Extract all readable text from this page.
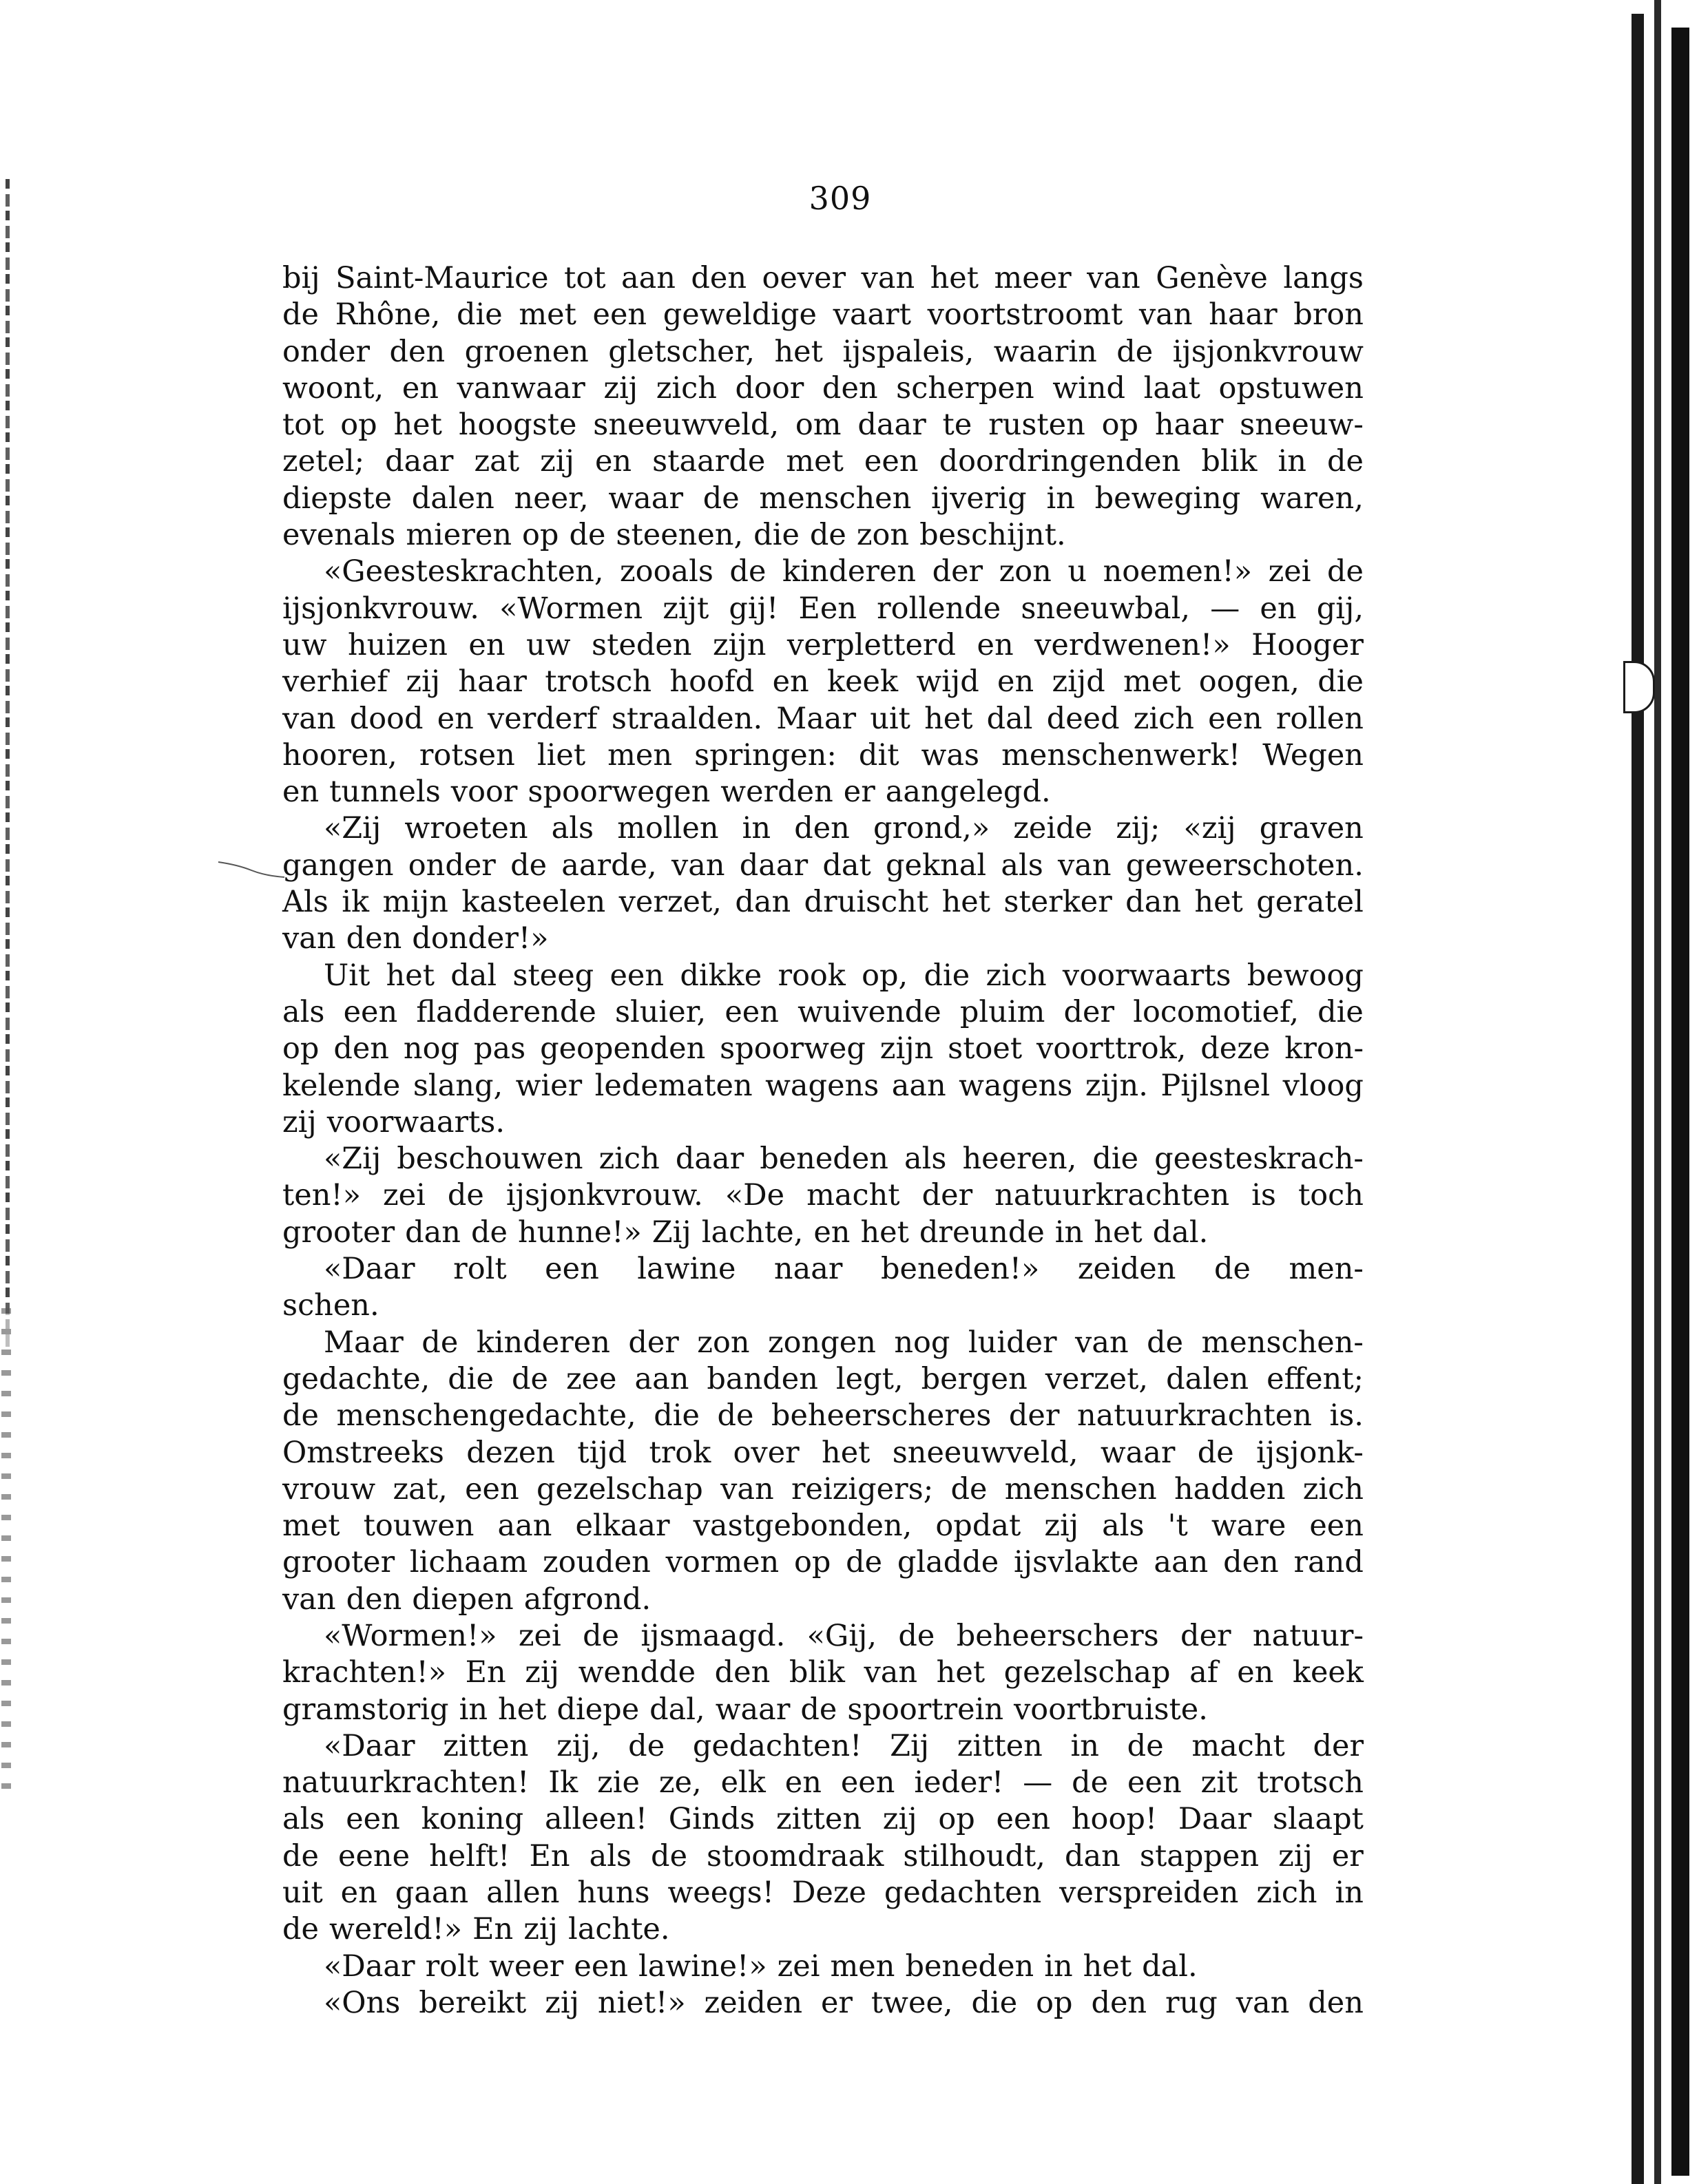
309
bij Saint-Maurice tot aan den oever van het meer van Genève langs
de Rhône, die met een geweldige vaart voortstroomt van haar bron
onder den groenen gletscher, het ijspaleis, waarin de ijsjonkvrouw
woont, en vanwaar zij zich door den scherpen wind laat opstuwen
tot op het hoogste sneeuwveld, om daar te rusten op haar sneeuw-
zetel; daar zat zij en staarde met een doordringenden blik in de
diepste dalen neer, waar de menschen ijverig in beweging waren,
evenals mieren op de steenen, die de zon beschijnt.
«Geesteskrachten, zooals de kinderen der zon u noemen!» zei de
ijsjonkvrouw. «Wormen zijt gij! Een rollende sneeuwbal, — en gij,
uw huizen en uw steden zijn verpletterd en verdwenen!» Hooger
verhief zij haar trotsch hoofd en keek wijd en zijd met oogen, die
van dood en verderf straalden. Maar uit het dal deed zich een rollen
hooren, rotsen liet men springen: dit was menschenwerk! Wegen
en tunnels voor spoorwegen werden er aangelegd.
«Zij wroeten als mollen in den grond,» zeide zij; «zij graven
gangen onder de aarde, van daar dat geknal als van geweerschoten.
Als ik mijn kasteelen verzet, dan druischt het sterker dan het geratel
van den donder!»
Uit het dal steeg een dikke rook op, die zich voorwaarts bewoog
als een fladderende sluier, een wuivende pluim der locomotief, die
op den nog pas geopenden spoorweg zijn stoet voorttrok, deze kron-
kelende slang, wier ledematen wagens aan wagens zijn. Pijlsnel vloog
zij voorwaarts.
«Zij beschouwen zich daar beneden als heeren, die geesteskrach-
ten!» zei de ijsjonkvrouw. «De macht der natuurkrachten is toch
grooter dan de hunne!» Zij lachte, en het dreunde in het dal.
«Daar rolt een lawine naar beneden!» zeiden de men-
schen.
Maar de kinderen der zon zongen nog luider van de menschen-
gedachte, die de zee aan banden legt, bergen verzet, dalen effent;
de menschengedachte, die de beheerscheres der natuurkrachten is.
Omstreeks dezen tijd trok over het sneeuwveld, waar de ijsjonk-
vrouw zat, een gezelschap van reizigers; de menschen hadden zich
met touwen aan elkaar vastgebonden, opdat zij als 't ware een
grooter lichaam zouden vormen op de gladde ijsvlakte aan den rand
van den diepen afgrond.
«Wormen!» zei de ijsmaagd. «Gij, de beheerschers der natuur-
krachten!» En zij wendde den blik van het gezelschap af en keek
gramstorig in het diepe dal, waar de spoortrein voortbruiste.
«Daar zitten zij, de gedachten! Zij zitten in de macht der
natuurkrachten! Ik zie ze, elk en een ieder! — de een zit trotsch
als een koning alleen! Ginds zitten zij op een hoop! Daar slaapt
de eene helft! En als de stoomdraak stilhoudt, dan stappen zij er
uit en gaan allen huns weegs! Deze gedachten verspreiden zich in
de wereld!» En zij lachte.
«Daar rolt weer een lawine!» zei men beneden in het dal.
«Ons bereikt zij niet!» zeiden er twee, die op den rug van den
